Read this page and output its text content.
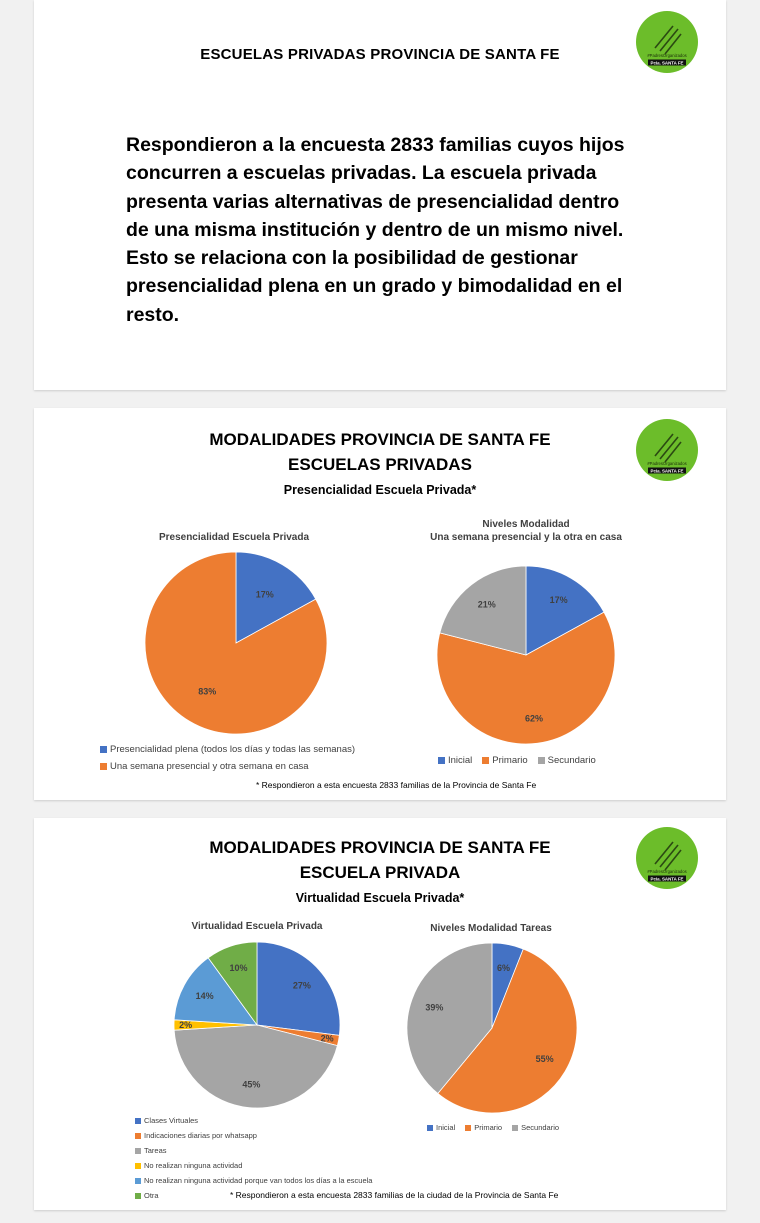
ESCUELAS PRIVADAS PROVINCIA DE SANTA FE
Respondieron a la encuesta 2833 familias cuyos hijos
concurren a escuelas privadas. La escuela privada
presenta varias alternativas de presencialidad dentro
de una misma institución y dentro de un mismo nivel.
Esto se relaciona con la posibilidad de gestionar
presencialidad plena en un grado y bimodalidad en el
resto.
#PadresOrganizados
Pcia. SANTA FE
MODALIDADES PROVINCIA DE SANTA FE
ESCUELAS PRIVADAS
Presencialidad Escuela Privada*
#PadresOrganizados
Pcia. SANTA FE
Presencialidad Escuela Privada
17%
83%
Presencialidad plena (todos los días y todas las semanas)
Una semana presencial y otra semana en casa
Niveles Modalidad
Una semana presencial y la otra en casa
17%
62%
21%
Inicial Primario Secundario
* Respondieron a esta encuesta 2833 familias de la Provincia de Santa Fe
MODALIDADES PROVINCIA DE SANTA FE
ESCUELA PRIVADA
Virtualidad Escuela Privada*
#PadresOrganizados
Pcia. SANTA FE
Virtualidad Escuela Privada
27%
2%
45%
2%
14%
10%
Clases Virtuales
Indicaciones diarias por whatsapp
Tareas
No realizan ninguna actividad
No realizan ninguna actividad porque van todos los días a la escuela
Otra
Niveles Modalidad Tareas
6%
55%
39%
Inicial	Primario	Secundario
* Respondieron a esta encuesta 2833 familias de la ciudad de la Provincia de Santa Fe
